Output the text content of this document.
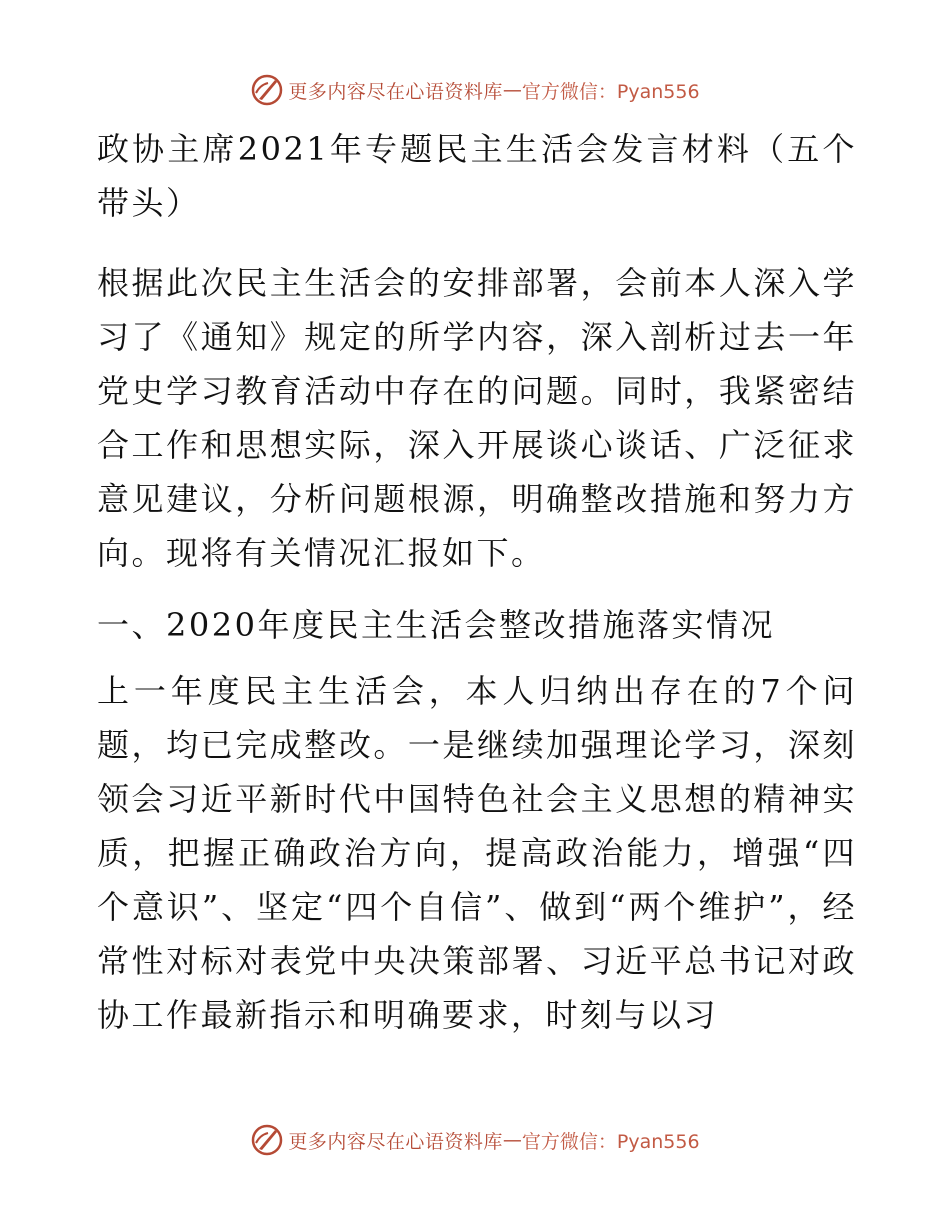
更多内容尽在心语资料库 — 官方微信：Pyan556

政协主席2021年专题民主生活会发言材料（五个带头）

根据此次民主生活会的安排部署，会前本人深入学习了《通知》规定的所学内容，深入剖析过去一年党史学习教育活动中存在的问题。同时，我紧密结合工作和思想实际，深入开展谈心谈话、广泛征求意见建议，分析问题根源，明确整改措施和努力方向。现将有关情况汇报如下。

一、2020年度民主生活会整改措施落实情况

上一年度民主生活会，本人归纳出存在的7个问题，均已完成整改。一是继续加强理论学习，深刻领会习近平新时代中国特色社会主义思想的精神实质，把握正确政治方向，提高政治能力，增强“四个意识”、坚定“四个自信”、做到“两个维护”，经常性对标对表党中央决策部署、习近平总书记对政协工作最新指示和明确要求，时刻与以习

更多内容尽在心语资料库 — 官方微信：Pyan556
